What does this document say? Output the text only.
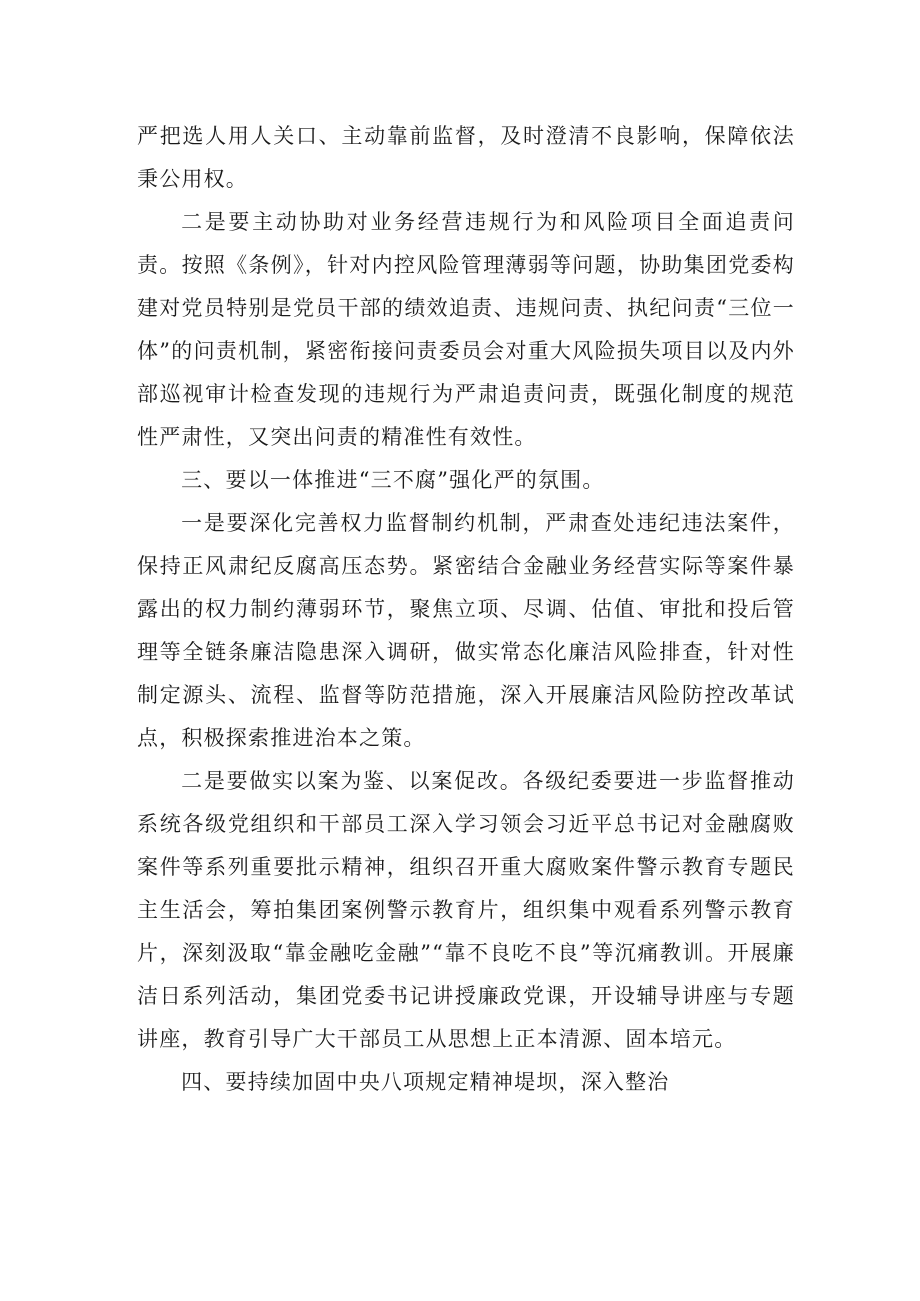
严把选人用人关口、主动靠前监督，及时澄清不良影响，保障依法秉公用权。

二是要主动协助对业务经营违规行为和风险项目全面追责问责。按照《条例》，针对内控风险管理薄弱等问题，协助集团党委构建对党员特别是党员干部的绩效追责、违规问责、执纪问责“三位一体”的问责机制，紧密衔接问责委员会对重大风险损失项目以及内外部巡视审计检查发现的违规行为严肃追责问责，既强化制度的规范性严肃性，又突出问责的精准性有效性。

三、要以一体推进“三不腐”强化严的氛围。

一是要深化完善权力监督制约机制，严肃查处违纪违法案件，保持正风肃纪反腐高压态势。紧密结合金融业务经营实际等案件暴露出的权力制约薄弱环节，聚焦立项、尽调、估值、审批和投后管理等全链条廉洁隐患深入调研，做实常态化廉洁风险排查，针对性制定源头、流程、监督等防范措施，深入开展廉洁风险防控改革试点，积极探索推进治本之策。

二是要做实以案为鉴、以案促改。各级纪委要进一步监督推动系统各级党组织和干部员工深入学习领会习近平总书记对金融腐败案件等系列重要批示精神，组织召开重大腐败案件警示教育专题民主生活会，筹拍集团案例警示教育片，组织集中观看系列警示教育片，深刻汲取“靠金融吃金融”“靠不良吃不良”等沉痛教训。开展廉洁日系列活动，集团党委书记讲授廉政党课，开设辅导讲座与专题讲座，教育引导广大干部员工从思想上正本清源、固本培元。

四、要持续加固中央八项规定精神堤坝，深入整治
